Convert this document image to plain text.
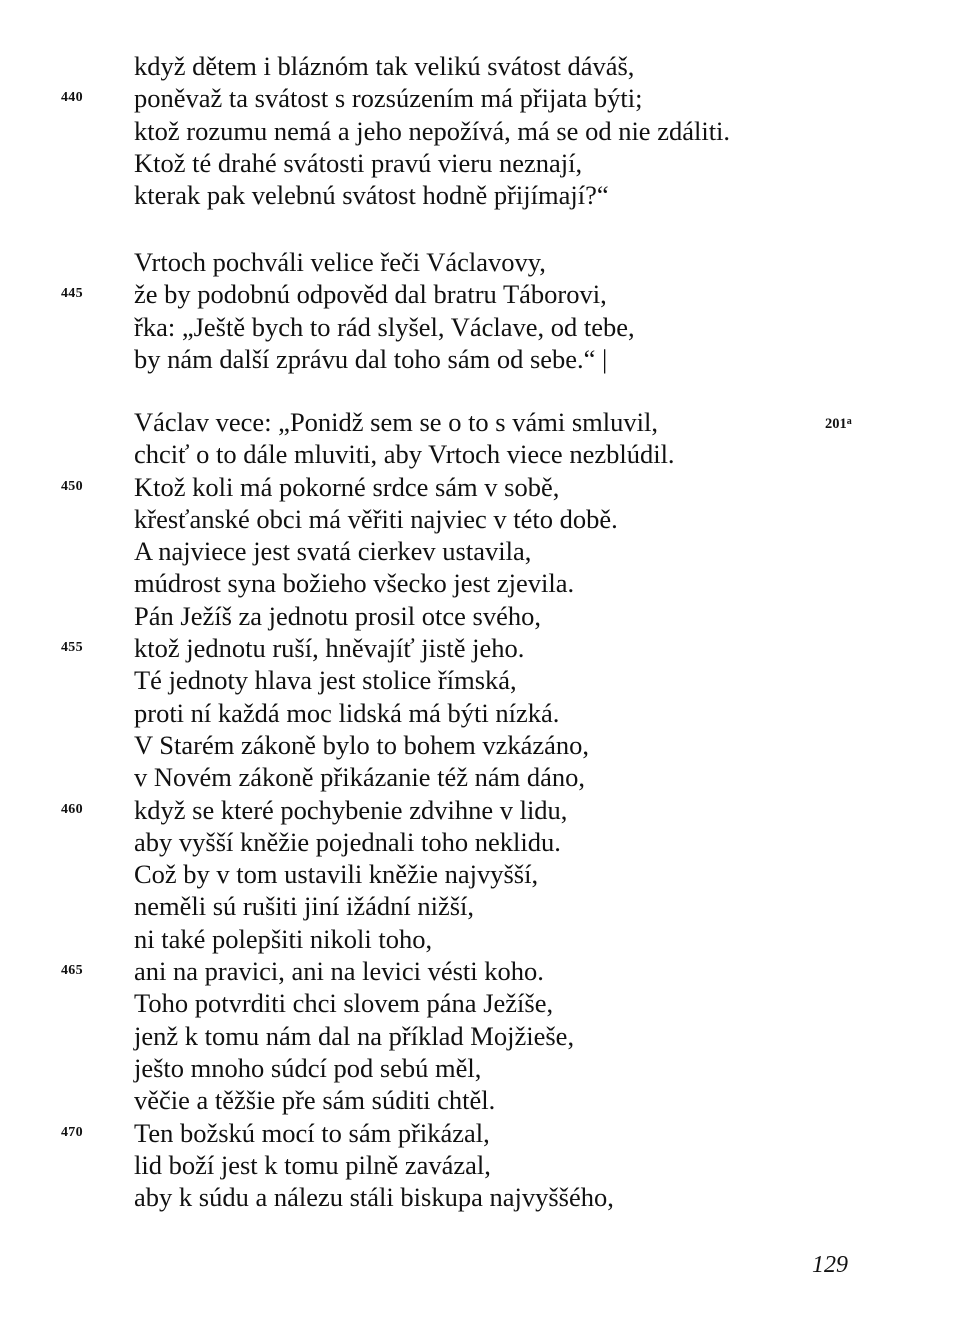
když dětem i bláznóm tak velikú svátost dáváš,
440 poněvaž ta svátost s rozsúzením má přijata býti;
ktož rozumu nemá a jeho nepožívá, má se od nie zdáliti.
Ktož té drahé svátosti pravú vieru neznají,
kterak pak velebnú svátost hodně přijímají?“
Vrtoch pochváli velice řeči Václavovy,
445 že by podobnú odpověd dal bratru Táborovi,
řka: „Ještě bych to rád slyšel, Václave, od tebe,
by nám další zprávu dal toho sám od sebe.“ |
Václav vece: „Ponidž sem se o to s vámi smluvil,
chciť o to dále mluviti, aby Vrtoch viece nezblúdil.
450 Ktož koli má pokorné srdce sám v sobě,
křesťanské obci má věřiti najviec v této době.
A najviece jest svatá cierkev ustavila,
múdrost syna božieho všecko jest zjevila.
Pán Ježíš za jednotu prosil otce svého,
455 ktož jednotu ruší, hněvajíť jistě jeho.
Té jednoty hlava jest stolice římská,
proti ní každá moc lidská má býti nízká.
V Starém zákoně bylo to bohem vzkázáno,
v Novém zákoně přikázanie též nám dáno,
460 když se které pochybenie zdvihne v lidu,
aby vyšší kněžie pojednali toho neklidu.
Což by v tom ustavili kněžie najvyšší,
neměli sú rušiti jiní ižádní nižší,
ni také polepšiti nikoli toho,
465 ani na pravici, ani na levici vésti koho.
Toho potvrditi chci slovem pána Ježíše,
jenž k tomu nám dal na příklad Mojžieše,
ješto mnoho súdcí pod sebú měl,
věčie a těžšie pře sám súditi chtěl.
470 Ten božskú mocí to sám přikázal,
lid boží jest k tomu pilně zavázal,
aby k súdu a nálezu stáli biskupa najvyššého,
201$^a$
129
